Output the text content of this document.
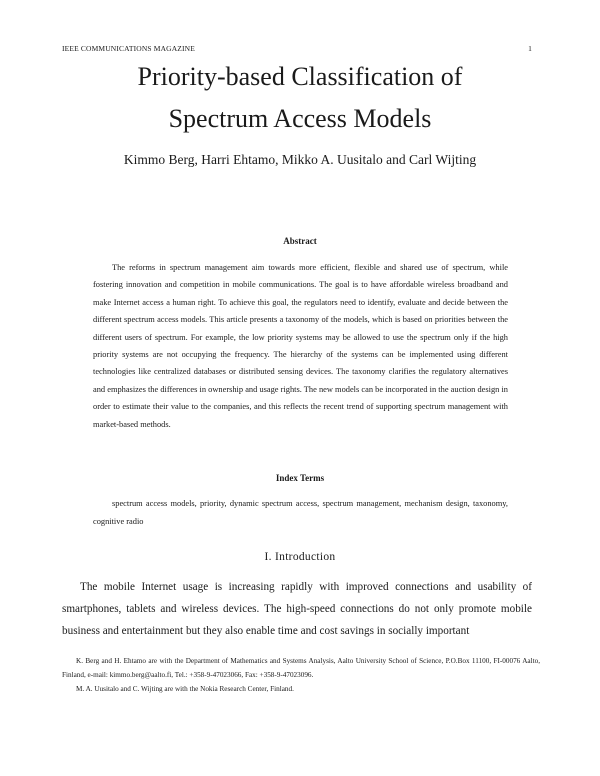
IEEE COMMUNICATIONS MAGAZINE	1
Priority-based Classification of
Spectrum Access Models
Kimmo Berg, Harri Ehtamo, Mikko A. Uusitalo and Carl Wijting
Abstract

The reforms in spectrum management aim towards more efficient, flexible and shared use of spectrum, while fostering innovation and competition in mobile communications. The goal is to have affordable wireless broadband and make Internet access a human right. To achieve this goal, the regulators need to identify, evaluate and decide between the different spectrum access models. This article presents a taxonomy of the models, which is based on priorities between the different users of spectrum. For example, the low priority systems may be allowed to use the spectrum only if the high priority systems are not occupying the frequency. The hierarchy of the systems can be implemented using different technologies like centralized databases or distributed sensing devices. The taxonomy clarifies the regulatory alternatives and emphasizes the differences in ownership and usage rights. The new models can be incorporated in the auction design in order to estimate their value to the companies, and this reflects the recent trend of supporting spectrum management with market-based methods.

Index Terms

spectrum access models, priority, dynamic spectrum access, spectrum management, mechanism design, taxonomy, cognitive radio

I. Introduction

The mobile Internet usage is increasing rapidly with improved connections and usability of smartphones, tablets and wireless devices. The high-speed connections do not only promote mobile business and entertainment but they also enable time and cost savings in socially important

K. Berg and H. Ehtamo are with the Department of Mathematics and Systems Analysis, Aalto University School of Science, P.O.Box 11100, FI-00076 Aalto, Finland, e-mail: kimmo.berg@aalto.fi, Tel.: +358-9-47023066, Fax: +358-9-47023096.

M. A. Uusitalo and C. Wijting are with the Nokia Research Center, Finland.
